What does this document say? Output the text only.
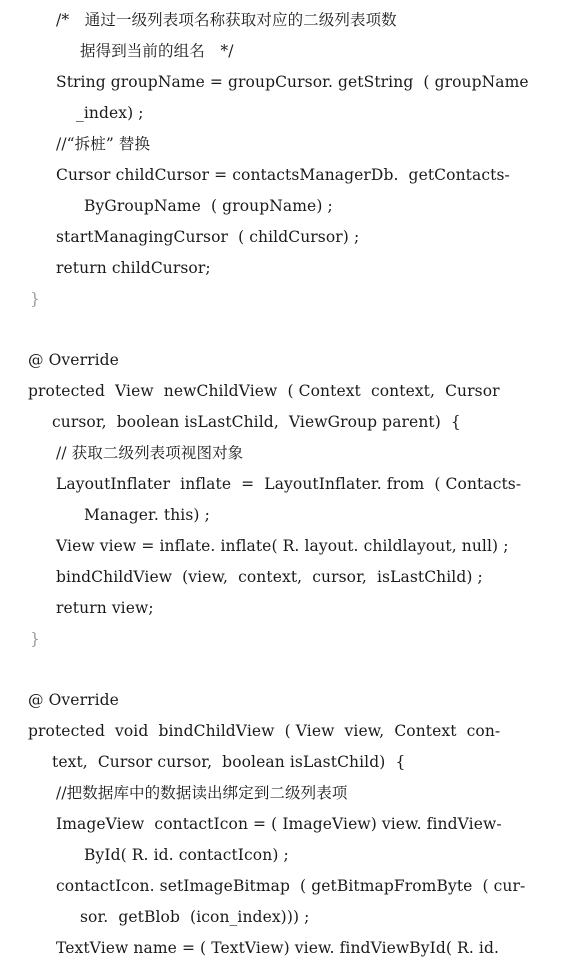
/*　通过一级列表项名称获取对应的二级列表项数
据得到当前的组名　*/
String groupName = groupCursor. getString  ( groupName
_index) ;
//“拆桩” 替换
Cursor childCursor = contactsManagerDb.  getContacts-
ByGroupName  ( groupName) ;
startManagingCursor  ( childCursor) ;
return childCursor;
}
@ Override
protected  View  newChildView  ( Context  context,  Cursor
cursor,  boolean isLastChild,  ViewGroup parent)  {
// 获取二级列表项视图对象
LayoutInflater  inflate  =  LayoutInflater. from  ( Contacts-
Manager. this) ;
View view = inflate. inflate( R. layout. childlayout, null) ;
bindChildView  (view,  context,  cursor,  isLastChild) ;
return view;
}
@ Override
protected  void  bindChildView  ( View  view,  Context  con-
text,  Cursor cursor,  boolean isLastChild)  {
//把数据库中的数据读出绑定到二级列表项
ImageView  contactIcon = ( ImageView) view. findView-
ById( R. id. contactIcon) ;
contactIcon. setImageBitmap  ( getBitmapFromByte  ( cur-
sor.  getBlob  (icon_index))) ;
TextView name = ( TextView) view. findViewById( R. id.
